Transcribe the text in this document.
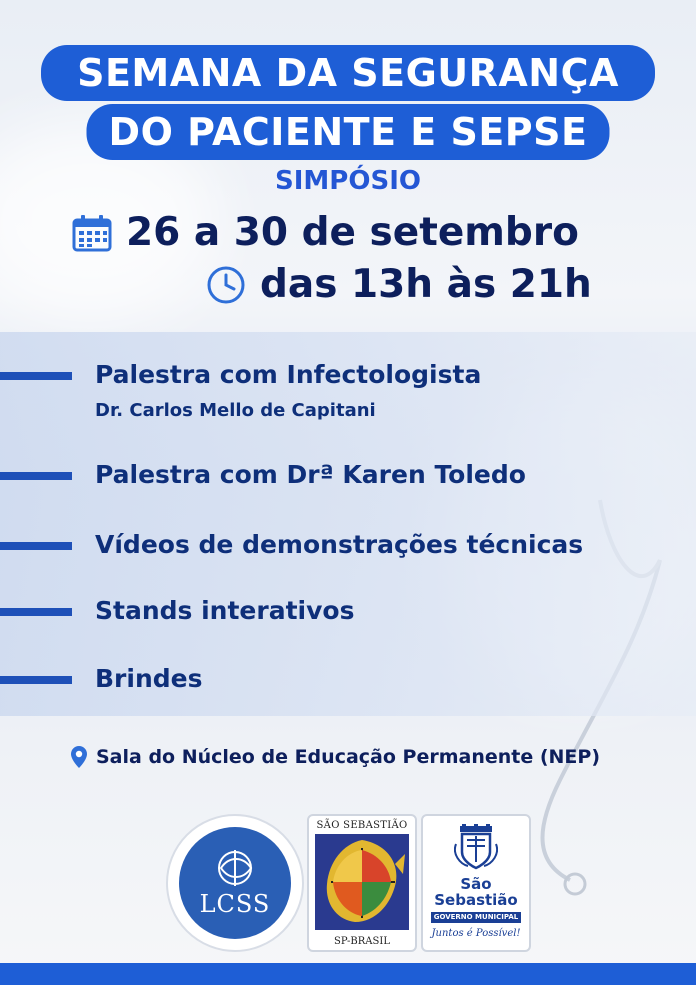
SEMANA DA SEGURANÇA
DO PACIENTE E SEPSE
SIMPÓSIO
26 a 30 de setembro
das 13h às 21h
Palestra com Infectologista
Dr. Carlos Mello de Capitani
Palestra com Drª Karen Toledo
Vídeos de demonstrações técnicas
Stands interativos
Brindes
Sala do Núcleo de Educação Permanente (NEP)
LCSS
SÃO SEBASTIÃO
SP-BRASIL
São
Sebastião
GOVERNO MUNICIPAL
Juntos é Possível!
